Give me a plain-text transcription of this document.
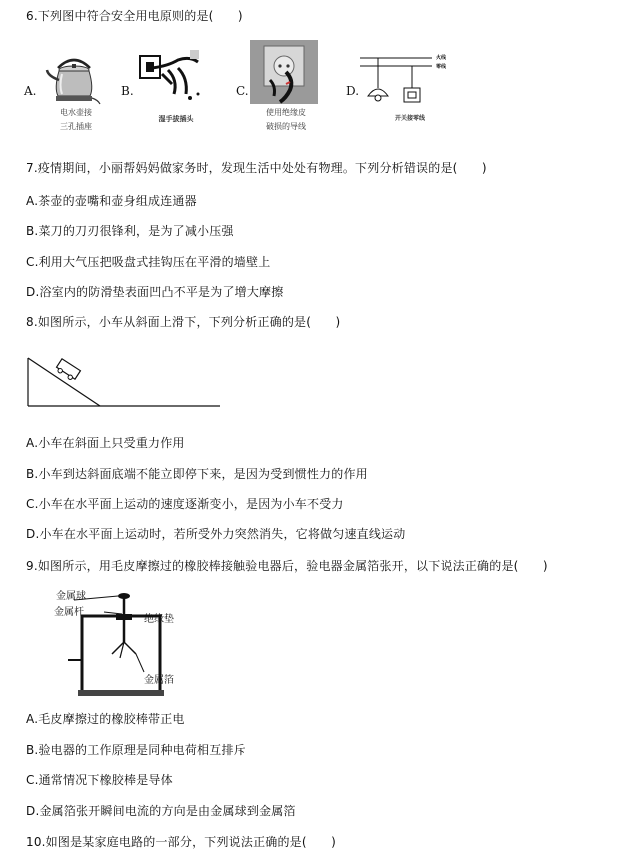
6.下列图中符合安全用电原则的是(　　)
A.
电水壶接
三孔插座
B.
湿手拔插头
C.
使用绝缘皮
破损的导线
D.
火线
零线
开关接零线
7.疫情期间，小丽帮妈妈做家务时，发现生活中处处有物理。下列分析错误的是(　　)
A.茶壶的壶嘴和壶身组成连通器
B.菜刀的刀刃很锋利，是为了减小压强
C.利用大气压把吸盘式挂钩压在平滑的墙壁上
D.浴室内的防滑垫表面凹凸不平是为了增大摩擦
8.如图所示，小车从斜面上滑下，下列分析正确的是(　　)
A.小车在斜面上只受重力作用
B.小车到达斜面底端不能立即停下来，是因为受到惯性力的作用
C.小车在水平面上运动的速度逐渐变小，是因为小车不受力
D.小车在水平面上运动时，若所受外力突然消失，它将做匀速直线运动
9.如图所示，用毛皮摩擦过的橡胶棒接触验电器后，验电器金属箔张开，以下说法正确的是(　　)
金属球
金属杆
绝缘垫
金属箔
A.毛皮摩擦过的橡胶棒带正电
B.验电器的工作原理是同种电荷相互排斥
C.通常情况下橡胶棒是导体
D.金属箔张开瞬间电流的方向是由金属球到金属箔
10.如图是某家庭电路的一部分，下列说法正确的是(　　)
